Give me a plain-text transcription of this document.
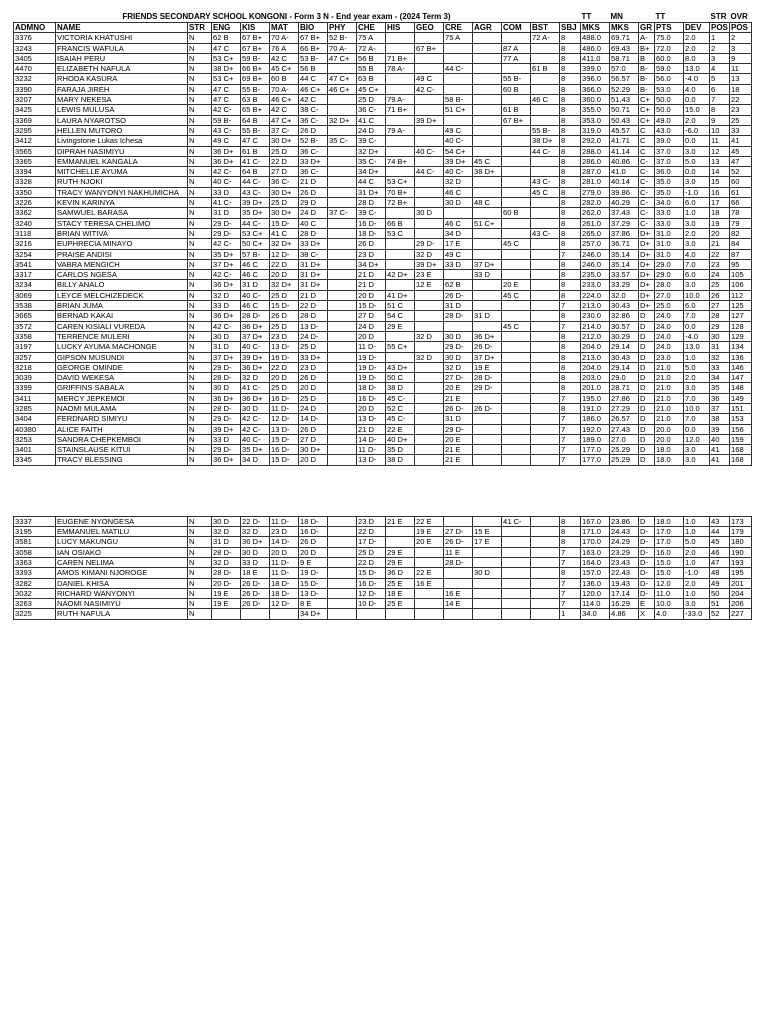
FRIENDS SECONDARY SCHOOL KONGONI - Form 3 N - End year exam - (2024 Term 3)																TT	MN		TT		STR	OVR
ADMNO	NAME	STR	ENG	KIS	MAT	BIO	PHY	CHE	HIS	GEO	CRE	AGR	COM	BST	SBJ	MKS	MKS	GR	PTS	DEV	POS	POS
3376	VICTORIA KHATUSHI	N	62 B	67 B+	70 A-	67 B+	52 B-	75 A			75 A			72 A-	8	488.0	69.71	A-	75.0	2.0	1	2
3243	FRANCIS WAFULA	N	47 C	67 B+	76 A	66 B+	70 A-	72 A-		67 B+			87 A		8	486.0	69.43	B+	72.0	2.0	2	3
3405	ISAIAH PERU	N	53 C+	59 B-	42 C	53 B-	47 C+	56 B	71 B+				77 A		8	411.0	58.71	B	60.0	8.0	3	9
4470	ELIZABETH NAFULA	N	38 D+	66 B+	45 C+	56 B		55 B	78 A-		44 C-			61 B	8	399.0	57.0	B-	59.0	13.0	4	11
3232	RHODA KASURA	N	53 C+	69 B+	60 B	44 C	47 C+	63 B		49 C			55 B-		8	396.0	56.57	B-	56.0	-4.0	5	13
3390	FARAJA JIREH	N	47 C	55 B-	70 A-	46 C+	46 C+	45 C+		42 C-			60 B		8	366.0	52.29	B-	53.0	4.0	6	18
3207	MARY NEKESA	N	47 C	63 B	46 C+	42 C		25 D	79 A-		58 B-			46 C	8	360.0	51.43	C+	50.0	0.0	7	22
3425	LEWIS MULUSA	N	42 C-	65 B+	42 C	38 C-		36 C-	71 B+		51 C+		61 B		8	355.0	50.71	C+	50.0	15.0	8	23
3369	LAURA NYAROTSO	N	59 B-	64 B	47 C+	36 C-	32 D+	41 C		39 D+			67 B+		8	353.0	50.43	C+	49.0	2.0	9	25
3295	HELLEN MUTORO	N	43 C-	55 B-	37 C-	26 D		24 D	79 A-		49 C			55 B-	8	319.0	45.57	C	43.0	-6.0	10	33
3412	Livingstone Lukas Ichesa	N	49 C	47 C	30 D+	52 B-	35 C-	39 C-			40 C-			38 D+	8	292.0	41.71	C	39.0	0.0	11	41
3565	DIPRAH NASIMIYU	N	36 D+	61 B	25 D	36 C-		32 D+		40 C-	54 C+			44 C-	8	288.0	41.14	C	37.0	3.0	12	45
3365	EMMANUEL KANGALA	N	36 D+	41 C-	22 D	33 D+		35 C-	74 B+		39 D+	45 C			8	286.0	40.86	C-	37.0	5.0	13	47
3394	MITCHELLE AYUMA	N	42 C-	64 B	27 D	36 C-		34 D+		44 C-	40 C-	38 D+			8	287.0	41.0	C-	36.0	0.0	14	52
3328	RUTH NJOKI	N	40 C-	44 C-	36 C-	21 D		44 C	53 C+		32 D			43 C-	8	281.0	40.14	C-	35.0	3.0	15	60
3350	TRACY WANYONYI NAKHUMICHA	N	33 D	43 C-	30 D+	26 D		31 D+	70 B+		46 C			45 C	8	279.0	39.86	C-	35.0	-1.0	16	61
3226	KEVIN KARINYA	N	41 C-	39 D+	25 D	29 D		28 D	72 B+		30 D	48 C			8	282.0	40.29	C-	34.0	6.0	17	66
3362	SAMWUEL BARASA	N	31 D	35 D+	30 D+	24 D	37 C-	39 C-		30 D			60 B		8	262.0	37.43	C-	33.0	1.0	18	78
3240	STACY TERESA CHELIMO	N	29 D-	44 C-	15 D-	40 C		16 D-	66 B		46 C	51 C+			8	261.0	37.29	C-	33.0	3.0	19	79
3118	BRIAN WITIVA	N	29 D-	53 C+	41 C	28 D		18 D-	53 C		34 D			43 C-	8	265.0	37.86	D+	31.0	2.0	20	82
3216	EUPHRECIA MINAYO	N	42 C-	50 C+	32 D+	33 D+		26 D		29 D-	17 E		45 C		8	257.0	36.71	D+	31.0	3.0	21	84
3254	PRAISE ANDISI	N	35 D+	57 B-	12 D-	38 C-		23 D		32 D	49 C				7	246.0	35.14	D+	31.0	4.0	22	87
3541	VABRA MENGICH	N	37 D+	46 C	22 D	31 D+		34 D+		39 D+	33 D	37 D+			8	246.0	35.14	D+	29.0	7.0	23	95
3317	CARLOS NGESA	N	42 C-	46 C	20 D	31 D+		21 D	42 D+	23 E		33 D			8	235.0	33.57	D+	29.0	6.0	24	105
3234	BILLY ANALO	N	36 D+	31 D	32 D+	31 D+		21 D		12 E	62 B		20 E		8	233.0	33.29	D+	28.0	3.0	25	106
3069	LEYCE MELCHIZEDECK	N	32 D	40 C-	25 D	21 D		20 D	41 D+		26 D-		45 C		8	224.0	32.0	D+	27.0	10.0	26	112
3538	BRIAN JUMA	N	33 D	46 C	15 D-	22 D		15 D-	51 C		31 D				7	213.0	30.43	D+	25.0	6.0	27	125
3665	BERNAD KAKAI	N	36 D+	28 D-	26 D	28 D		27 D	54 C		28 D-	31 D			8	230.0	32.86	D	24.0	7.0	28	127
3572	CAREN KISIALI VUREDA	N	42 C-	36 D+	25 D	13 D-		24 D	29 E				45 C		7	214.0	30.57	D	24.0	0.0	29	128
3358	TERRENCE MULERI	N	30 D	37 D+	23 D	24 D-		20 D		32 D	30 D	36 D+			8	212.0	30.29	D	24.0	-4.0	30	129
3197	LUCKY AYUMA MACHONGE	N	31 D	40 C-	13 D-	25 D		11 D-	55 C+		29 D-	26 D-			8	204.0	29.14	D	24.0	13.0	31	134
3257	GIPSON MUSUNDI	N	37 D+	39 D+	16 D-	33 D+		19 D-		32 D	30 D	37 D+			8	213.0	30.43	D	23.0	1.0	32	136
3218	GEORGE OMINDE	N	29 D-	36 D+	22 D	23 D		19 D-	43 D+		32 D	19 E			8	204.0	29.14	D	21.0	5.0	33	146
3039	DAVID WEKESA	N	28 D-	32 D	20 D	26 D		19 D-	50 C		27 D-	28 D-			8	203.0	29.0	D	21.0	2.0	34	147
3399	GRIFFINS SABALA	N	30 D	41 C-	25 D	20 D		18 D-	38 D		20 E	29 D-			8	201.0	28.71	D	21.0	3.0	35	148
3411	MERCY JEPKEMOI	N	36 D+	36 D+	16 D-	25 D		16 D-	45 C-		21 E				7	195.0	27.86	D	21.0	7.0	36	149
3285	NAOMI MULAMA	N	28 D-	30 D	11 D-	24 D		20 D	52 C		26 D-	26 D-			8	191.0	27.29	D	21.0	10.0	37	151
3404	FERDNARD SIMIYU	N	29 D-	42 C-	12 D-	14 D-		13 D-	45 C-		31 D				7	186.0	26.57	D	21.0	7.0	38	153
40380	ALICE FAITH	N	39 D+	42 C-	13 D-	26 D		21 D	22 E		29 D-				7	192.0	27.43	D	20.0	0.0	39	156
3253	SANDRA CHEPKEMBOI	N	33 D	40 C-	15 D-	27 D		14 D-	40 D+		20 E				7	189.0	27.0	D	20.0	12.0	40	159
3401	STAINSLAUSE KITUI	N	29 D-	35 D+	16 D-	30 D+		11 D-	35 D		21 E				7	177.0	25.29	D	18.0	3.0	41	168
3345	TRACY BLESSING	N	36 D+	34 D	15 D-	20 D		13 D-	38 D		21 E				7	177.0	25.29	D	18.0	3.0	41	168
3337	EUGENE NYONGESA	N	30 D	22 D-	11 D-	18 D-		23 D	21 E	22 E			41 C-		8	167.0	23.86	D	18.0	1.0	43	173
3195	EMMANUEL MATILU	N	32 D	32 D	23 D	16 D-		22 D		19 E	27 D-	15 E			8	171.0	24.43	D-	17.0	1.0	44	179
3581	LUCY MAKUNGU	N	31 D	36 D+	14 D-	26 D		17 D-		20 E	26 D-	17 E			8	170.0	24.29	D-	17.0	5.0	45	180
3058	IAN OSIAKO	N	28 D-	30 D	20 D	20 D		25 D	29 E		11 E				7	163.0	23.29	D-	16.0	2.0	46	190
3363	CAREN NELIMA	N	32 D	33 D	11 D-	9 E		22 D	29 E		28 D-				7	164.0	23.43	D-	15.0	1.0	47	193
3393	AMOS KIMANI NJOROGE	N	28 D-	18 E	11 D-	19 D-		15 D-	36 D	22 E		30 D			8	157.0	22.43	D-	15.0	-1.0	48	195
3282	DANIEL KHISA	N	20 D-	26 D-	18 D-	15 D-		16 D-	25 E	16 E					7	136.0	19.43	D-	12.0	2.0	49	201
3032	RICHARD WANYONYI	N	19 E	26 D-	18 D-	13 D-		12 D-	18 E		16 E				7	120.0	17.14	D-	11.0	1.0	50	204
3263	NAOMI NASIMIYU	N	19 E	26 D-	12 D-	8 E		10 D-	25 E		14 E				7	114.0	16.29	E	10.0	3.0	51	206
3225	RUTH NAFULA	N				34 D+									1	34.0	4.86	X	4.0	-33.0	52	227
